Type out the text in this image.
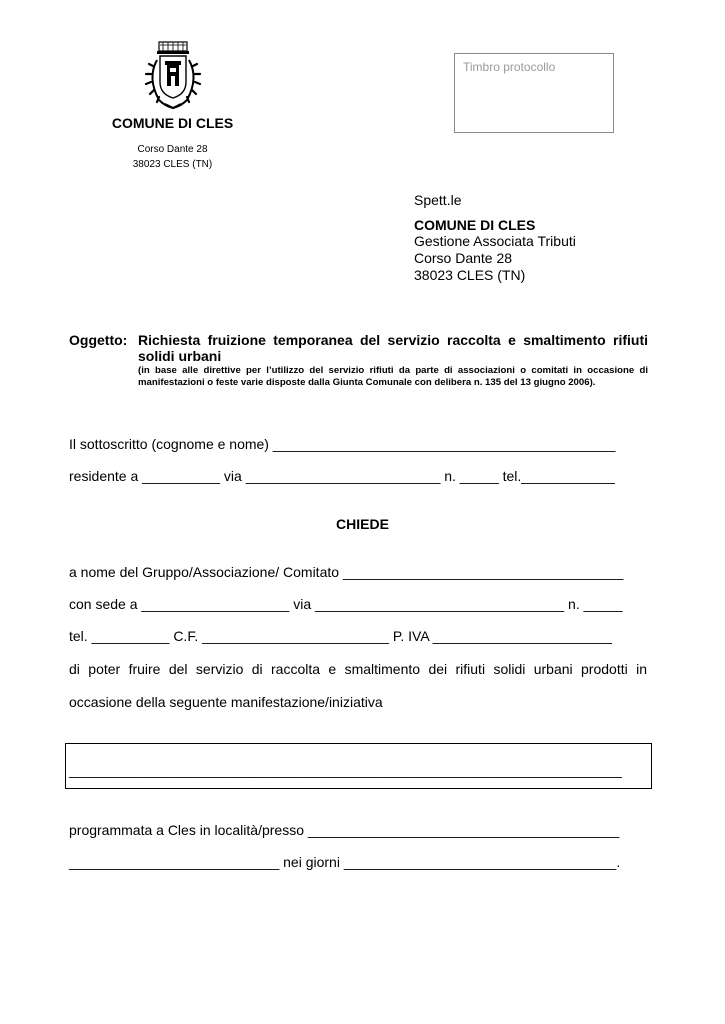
COMUNE DI CLES
Corso Dante 28
38023 CLES (TN)
Timbro protocollo
Spett.le
COMUNE DI CLES
Gestione Associata Tributi
Corso Dante 28
38023 CLES (TN)
Oggetto: Richiesta fruizione temporanea del servizio raccolta e smaltimento rifiuti solidi urbani
(in base alle direttive per l’utilizzo del servizio rifiuti da parte di associazioni o comitati in occasione di manifestazioni o feste varie disposte dalla Giunta Comunale con delibera n. 135 del 13 giugno 2006).
Il sottoscritto (cognome e nome) ____________________________________________
residente a __________ via _________________________ n. _____ tel.____________
CHIEDE
a nome del Gruppo/Associazione/ Comitato ____________________________________
con sede a ___________________ via ________________________________ n. _____
tel. __________ C.F. ________________________ P. IVA _______________________
di poter fruire del servizio di raccolta e smaltimento dei rifiuti solidi urbani prodotti in
occasione della seguente manifestazione/iniziativa
_______________________________________________________________________
programmata a Cles in località/presso ________________________________________
___________________________ nei giorni ___________________________________.
